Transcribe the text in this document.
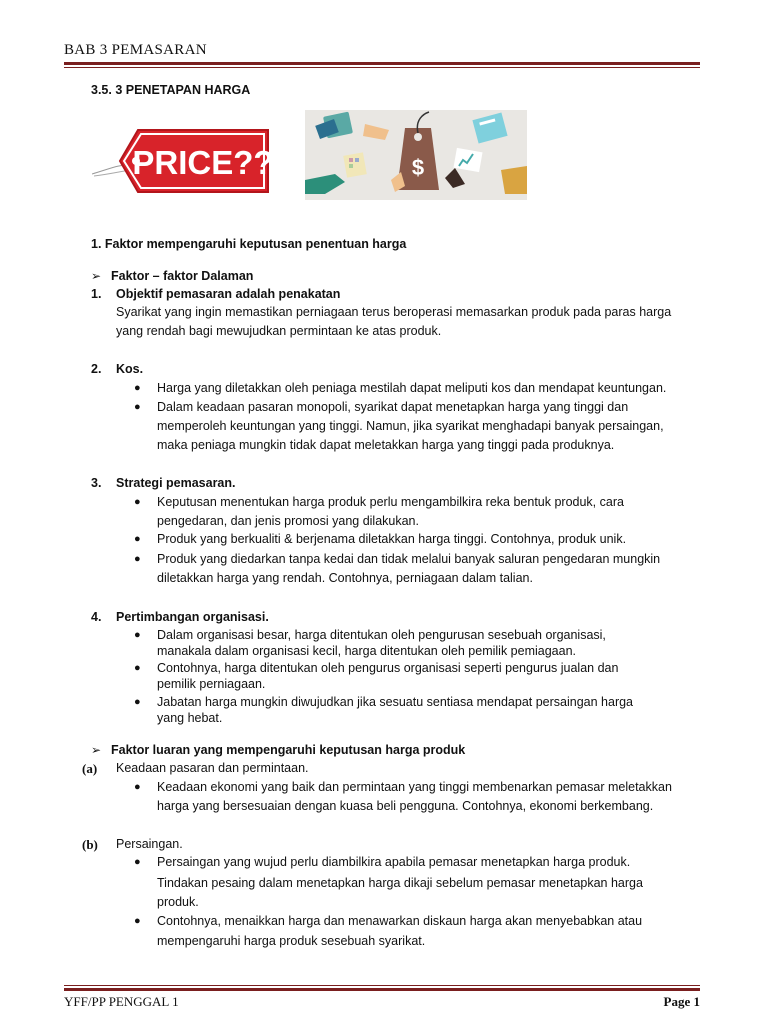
BAB 3 PEMASARAN
3.5. 3 PENETAPAN HARGA
PRICE??	$
1. Faktor mempengaruhi keputusan penentuan harga
➢ Faktor – faktor Dalaman
1. Objektif pemasaran adalah penakatan
Syarikat yang ingin memastikan perniagaan terus beroperasi memasarkan produk pada paras harga
yang rendah bagi mewujudkan permintaan ke atas produk.
2. Kos.
● Harga yang diletakkan oleh peniaga mestilah dapat meliputi kos dan mendapat keuntungan.
● Dalam keadaan pasaran monopoli, syarikat dapat menetapkan harga yang tinggi dan
memperoleh keuntungan yang tinggi. Namun, jika syarikat menghadapi banyak persaingan,
maka peniaga mungkin tidak dapat meletakkan harga yang tinggi pada produknya.
3. Strategi pemasaran.
● Keputusan menentukan harga produk perlu mengambilkira reka bentuk produk, cara
pengedaran, dan jenis promosi yang dilakukan.
● Produk yang berkualiti & berjenama diletakkan harga tinggi. Contohnya, produk unik.
● Produk yang diedarkan tanpa kedai dan tidak melalui banyak saluran pengedaran mungkin
diletakkan harga yang rendah. Contohnya, perniagaan dalam talian.
4. Pertimbangan organisasi.
● Dalam organisasi besar, harga ditentukan oleh pengurusan sesebuah organisasi,
manakala dalam organisasi kecil, harga ditentukan oleh pemilik pemiagaan.
● Contohnya, harga ditentukan oleh pengurus organisasi seperti pengurus jualan dan
pemilik perniagaan.
● Jabatan harga mungkin diwujudkan jika sesuatu sentiasa mendapat persaingan harga
yang hebat.
➢ Faktor luaran yang mempengaruhi keputusan harga produk
(a) Keadaan pasaran dan permintaan.
● Keadaan ekonomi yang baik dan permintaan yang tinggi membenarkan pemasar meletakkan
harga yang bersesuaian dengan kuasa beli pengguna. Contohnya, ekonomi berkembang.
(b) Persaingan.
● Persaingan yang wujud perlu diambilkira apabila pemasar menetapkan harga produk.
Tindakan pesaing dalam menetapkan harga dikaji sebelum pemasar menetapkan harga
produk.
● Contohnya, menaikkan harga dan menawarkan diskaun harga akan menyebabkan atau
mempengaruhi harga produk sesebuah syarikat.
YFF/PP PENGGAL 1	Page 1
